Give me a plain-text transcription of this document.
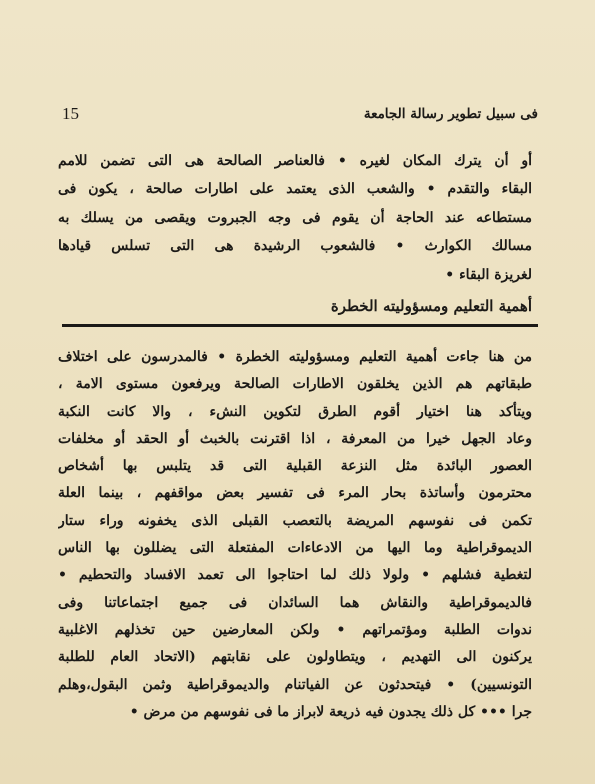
15	فى سبيل تطوير رسالة الجامعة
أو أن يترك المكان لغيره • فالعناصر الصالحة هى التى تضمن للامم
البقاء والتقدم • والشعب الذى يعتمد على اطارات صالحة ، يكون فى
مستطاعه عند الحاجة أن يقوم فى وجه الجبروت ويقصى من يسلك به
مسالك الكوارث • فالشعوب الرشيدة هى التى تسلس قيادها
لغريزة البقاء •
أهمية التعليم ومسؤوليته الخطرة
من هنا جاءت أهمية التعليم ومسؤوليته الخطرة • فالمدرسون على اختلاف
طبقاتهم هم الذين يخلقون الاطارات الصالحة ويرفعون مستوى الامة ،
ويتأكد هنا اختيار أقوم الطرق لتكوين النشء ، والا كانت النكبة
وعاد الجهل خيرا من المعرفة ، اذا اقترنت بالخبث أو الحقد أو مخلفات
العصور البائدة مثل النزعة القبلية التى قد يتلبس بها أشخاص
محترمون وأساتذة بحار المرء فى تفسير بعض مواقفهم ، بينما العلة
تكمن فى نفوسهم المريضة بالتعصب القبلى الذى يخفونه وراء ستار
الديموقراطية وما اليها من الادعاءات المفتعلة التى يضللون بها الناس
لتغطية فشلهم • ولولا ذلك لما احتاجوا الى تعمد الافساد والتحطيم •
فالديموقراطية والنقاش هما السائدان فى جميع اجتماعاتنا وفى
ندوات الطلبة ومؤتمراتهم • ولكن المعارضين حين تخذلهم الاغلبية
يركنون الى التهديم ، ويتطاولون على نقابتهم (الاتحاد العام للطلبة
التونسيين) • فيتحدثون عن الفياتنام والديموقراطية وثمن البقول،وهلم
جرا ••• كل ذلك يجدون فيه ذريعة لابراز ما فى نفوسهم من مرض •
